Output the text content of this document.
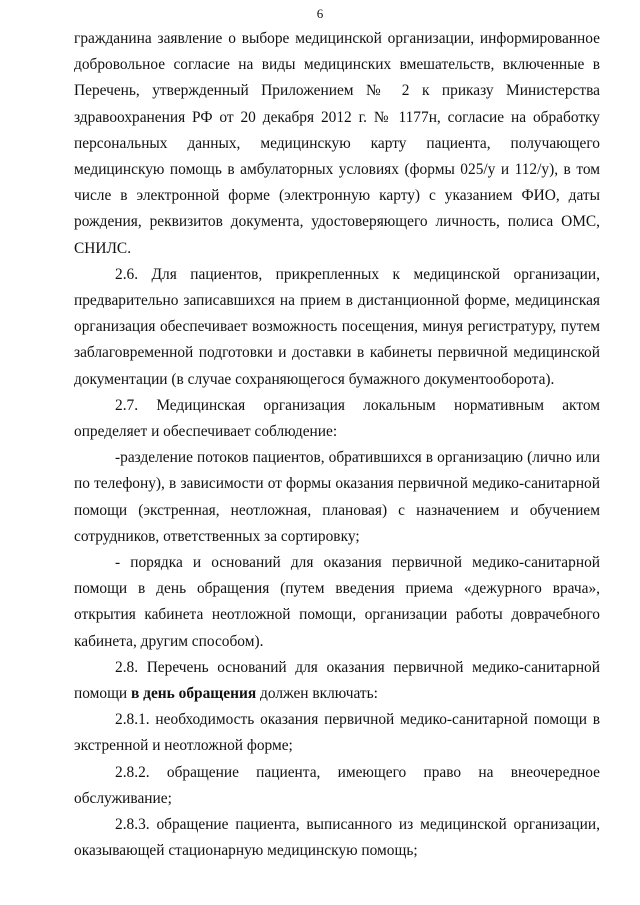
6

гражданина заявление о выборе медицинской организации, информированное добровольное согласие на виды медицинских вмешательств, включенные в Перечень, утвержденный Приложением № 2 к приказу Министерства здравоохранения РФ от 20 декабря 2012 г. № 1177н, согласие на обработку персональных данных, медицинскую карту пациента, получающего медицинскую помощь в амбулаторных условиях (формы 025/у и 112/у), в том числе в электронной форме (электронную карту) с указанием ФИО, даты рождения, реквизитов документа, удостоверяющего личность, полиса ОМС, СНИЛС.

2.6. Для пациентов, прикрепленных к медицинской организации, предварительно записавшихся на прием в дистанционной форме, медицинская организация обеспечивает возможность посещения, минуя регистратуру, путем заблаговременной подготовки и доставки в кабинеты первичной медицинской документации (в случае сохраняющегося бумажного документооборота).

2.7. Медицинская организация локальным нормативным актом определяет и обеспечивает соблюдение:

-разделение потоков пациентов, обратившихся в организацию (лично или по телефону), в зависимости от формы оказания первичной медико-санитарной помощи (экстренная, неотложная, плановая) с назначением и обучением сотрудников, ответственных за сортировку;

- порядка и оснований для оказания первичной медико-санитарной помощи в день обращения (путем введения приема «дежурного врача», открытия кабинета неотложной помощи, организации работы доврачебного кабинета, другим способом).

2.8. Перечень оснований для оказания первичной медико-санитарной помощи в день обращения должен включать:

2.8.1. необходимость оказания первичной медико-санитарной помощи в экстренной и неотложной форме;

2.8.2. обращение пациента, имеющего право на внеочередное обслуживание;

2.8.3. обращение пациента, выписанного из медицинской организации, оказывающей стационарную медицинскую помощь;
